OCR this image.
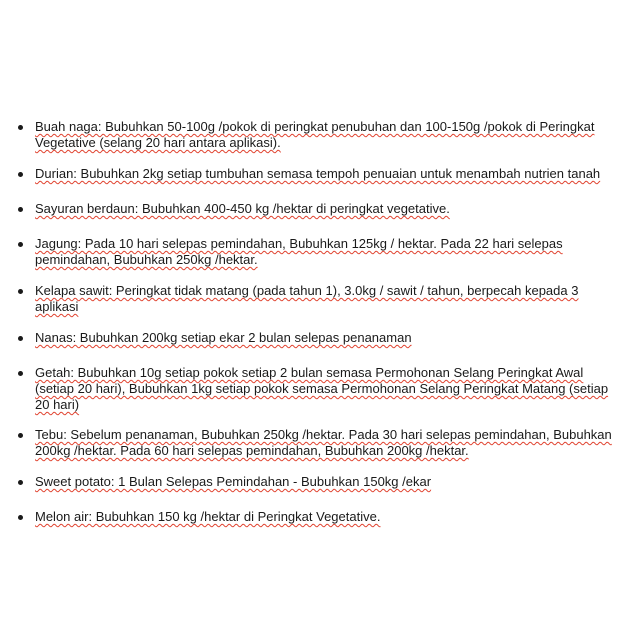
Buah naga: Bubuhkan 50-100g /pokok di peringkat penubuhan dan 100-150g /pokok di Peringkat Vegetative (selang 20 hari antara aplikasi).
Durian: Bubuhkan 2kg setiap tumbuhan semasa tempoh penuaian untuk menambah nutrien tanah
Sayuran berdaun: Bubuhkan 400-450 kg /hektar di peringkat vegetative.
Jagung: Pada 10 hari selepas pemindahan, Bubuhkan 125kg / hektar. Pada 22 hari selepas pemindahan, Bubuhkan 250kg /hektar.
Kelapa sawit: Peringkat tidak matang (pada tahun 1), 3.0kg / sawit / tahun, berpecah kepada 3 aplikasi
Nanas: Bubuhkan 200kg setiap ekar 2 bulan selepas penanaman
Getah: Bubuhkan 10g setiap pokok setiap 2 bulan semasa Permohonan Selang Peringkat Awal (setiap 20 hari), Bubuhkan 1kg setiap pokok semasa Permohonan Selang Peringkat Matang (setiap 20 hari)
Tebu: Sebelum penanaman, Bubuhkan 250kg /hektar. Pada 30 hari selepas pemindahan, Bubuhkan 200kg /hektar. Pada 60 hari selepas pemindahan, Bubuhkan 200kg /hektar.
Sweet potato: 1 Bulan Selepas Pemindahan - Bubuhkan 150kg /ekar
Melon air: Bubuhkan 150 kg /hektar di Peringkat Vegetative.
